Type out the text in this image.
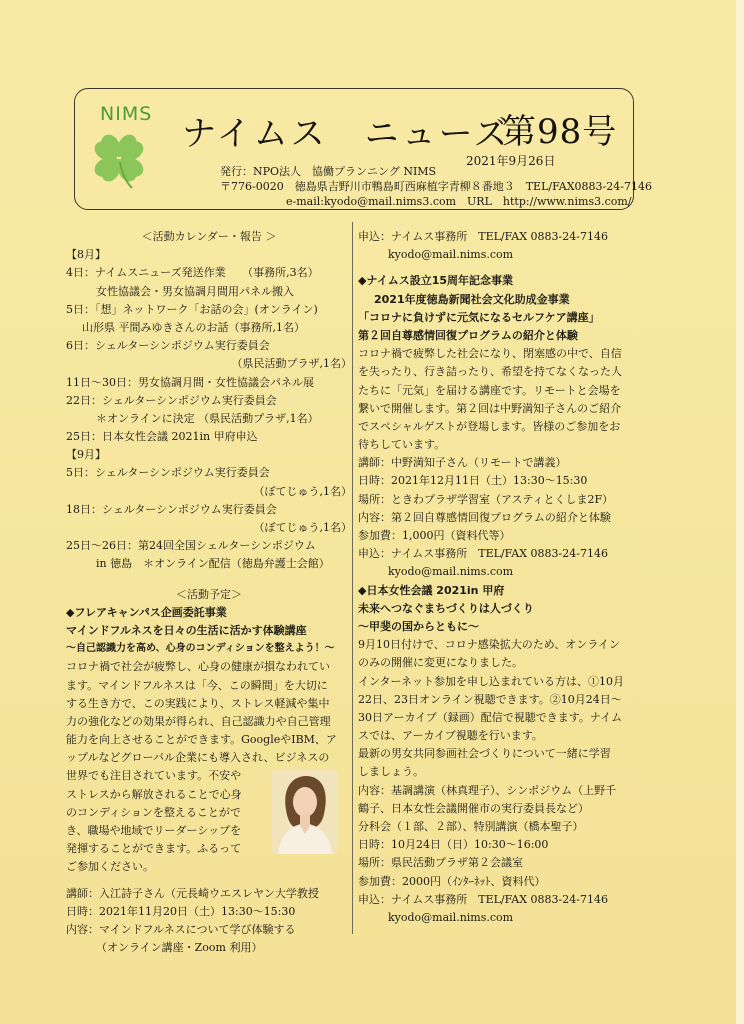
NIMS ナイムス　ニューズ
第98号
2021年9月26日
発行：NPO法人　協働プランニング NIMS
〒776-0020　徳島県吉野川市鴨島町西麻植字青柳８番地３　TEL/FAX0883-24-7146
e-mail:kyodo@mail.nims3.com　URL　http://www.nims3.com/
＜活動カレンダー・報告 ＞
【8月】
4日：ナイムスニューズ発送作業　　（事務所,3名）
女性協議会・男女協調月間用パネル搬入
5日：「想」ネットワーク「お話の会」(オンライン)
山形県 平間みゆきさんのお話（事務所,1名）
6日：シェルターシンポジウム実行委員会
（県民活動プラザ,1名）
11日～30日：男女協調月間・女性協議会パネル展
22日：シェルターシンポジウム実行委員会
＊オンラインに決定 （県民活動プラザ,1名）
25日：日本女性会議 2021in 甲府申込
【9月】
5日：シェルターシンポジウム実行委員会
（ぼてじゅう,1名）
18日：シェルターシンポジウム実行委員会
（ぼてじゅう,1名）
25日～26日：第24回全国シェルターシンポジウム
in 徳島　＊オンライン配信（徳島弁護士会館）
＜活動予定＞
◆フレアキャンパス企画委託事業
マインドフルネスを日々の生活に活かす体験講座
～自己認識力を高め、心身のコンディションを整えよう！～
コロナ禍で社会が疲弊し、心身の健康が損なわれてい
ます。マインドフルネスは「今、この瞬間」を大切に
する生き方で、この実践により、ストレス軽減や集中
力の強化などの効果が得られ、自己認識力や自己管理
能力を向上させることができます。GoogleやIBM、ア
ップルなどグローバル企業にも導入され、ビジネスの
世界でも注目されています。不安や
ストレスから解放されることで心身
のコンディションを整えることがで
き、職場や地域でリーダーシップを
発揮することができます。ふるって
ご参加ください。
講師：入江詩子さん（元長崎ウエスレヤン大学教授
日時：2021年11月20日（土）13:30～15:30
内容：マインドフルネスについて学び体験する
（オンライン講座・Zoom 利用）
申込：ナイムス事務所　TEL/FAX 0883-24-7146
kyodo@mail.nims.com
◆ナイムス設立15周年記念事業
2021年度徳島新聞社会文化助成金事業
「コロナに負けずに元気になるセルフケア講座」
第２回自尊感情回復プログラムの紹介と体験
コロナ禍で疲弊した社会になり、閉塞感の中で、自信
を失ったり、行き詰ったり、希望を持てなくなった人
たちに「元気」を届ける講座です。リモートと会場を
繋いで開催します。第２回は中野満知子さんのご紹介
でスペシャルゲストが登場します。皆様のご参加をお
待ちしています。
講師：中野満知子さん（リモートで講義）
日時：2021年12月11日（土）13:30～15:30
場所：ときわプラザ学習室（アスティとくしま2F）
内容：第２回自尊感情回復プログラムの紹介と体験
参加費：1,000円（資料代等）
申込：ナイムス事務所　TEL/FAX 0883-24-7146
kyodo@mail.nims.com
◆日本女性会議 2021in 甲府
未来へつなぐまちづくりは人づくり
～甲斐の国からともに～
9月10日付けで、コロナ感染拡大のため、オンライン
のみの開催に変更になりました。
インターネット参加を申し込まれている方は、①10月
22日、23日オンライン視聴できます。②10月24日～
30日アーカイブ（録画）配信で視聴できます。ナイム
スでは、アーカイブ視聴を行います。
最新の男女共同参画社会づくりについて一緒に学習
しましょう。
内容：基調講演（林真理子）、シンポジウム（上野千
鶴子、日本女性会議開催市の実行委員長など）
分科会（１部、２部）、特別講演（橋本聖子）
日時：10月24日（日）10:30～16:00
場所：県民活動プラザ第２会議室
参加費：2000円（ｲﾝﾀｰﾈｯﾄ、資料代）
申込：ナイムス事務所　TEL/FAX 0883-24-7146
kyodo@mail.nims.com
